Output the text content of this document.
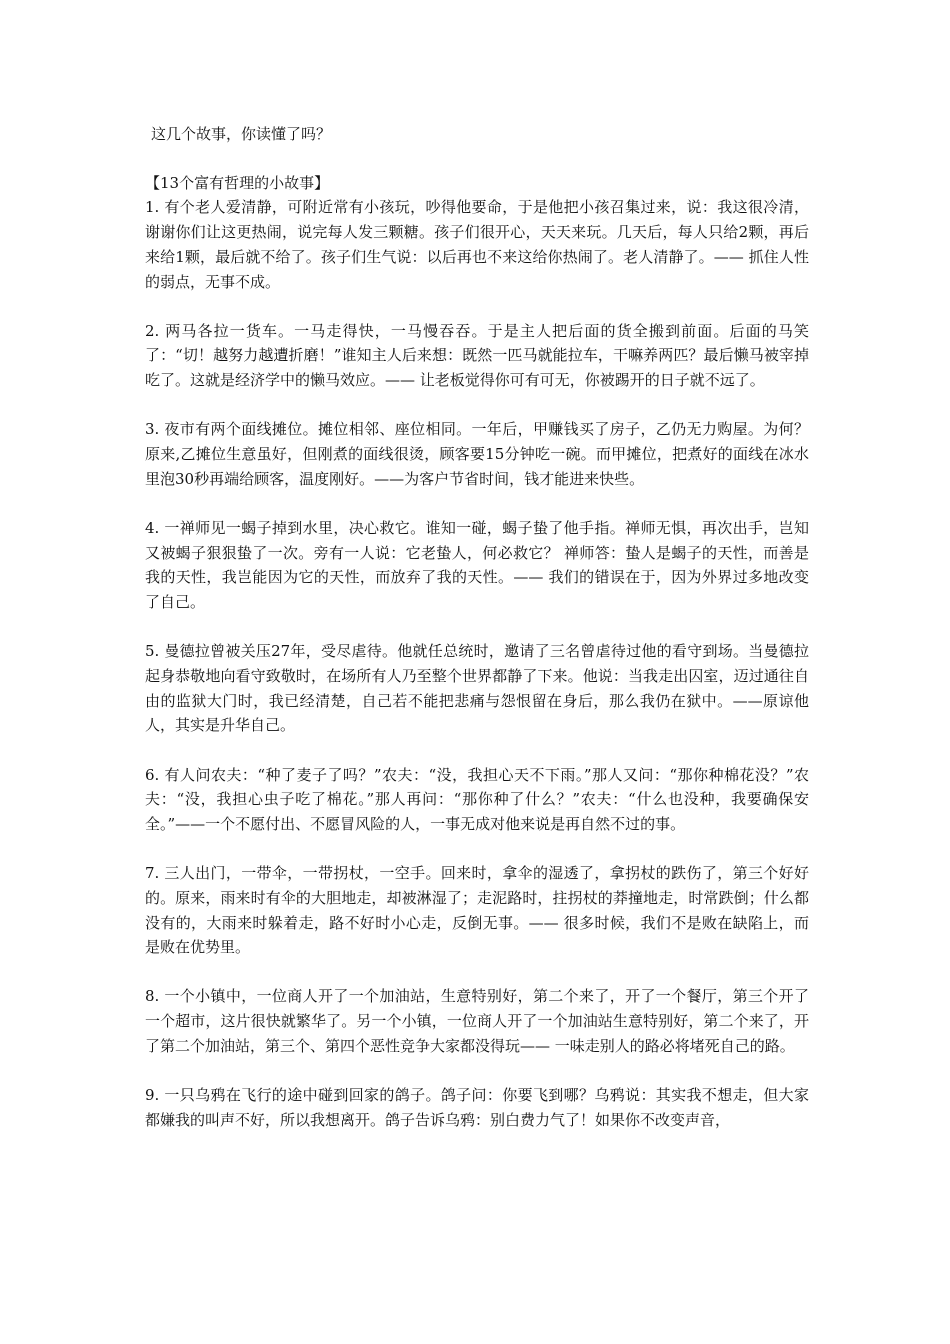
这几个故事，你读懂了吗？

【13个富有哲理的小故事】

1. 有个老人爱清静，可附近常有小孩玩，吵得他要命，于是他把小孩召集过来，说：我这很冷清，谢谢你们让这更热闹，说完每人发三颗糖。孩子们很开心，天天来玩。几天后，每人只给2颗，再后来给1颗，最后就不给了。孩子们生气说：以后再也不来这给你热闹了。老人清静了。—— 抓住人性的弱点，无事不成。

2. 两马各拉一货车。一马走得快，一马慢吞吞。于是主人把后面的货全搬到前面。后面的马笑了：“切！越努力越遭折磨！”谁知主人后来想：既然一匹马就能拉车，干嘛养两匹？最后懒马被宰掉吃了。这就是经济学中的懒马效应。—— 让老板觉得你可有可无，你被踢开的日子就不远了。

3. 夜市有两个面线摊位。摊位相邻、座位相同。一年后，甲赚钱买了房子，乙仍无力购屋。为何？原来,乙摊位生意虽好，但刚煮的面线很烫，顾客要15分钟吃一碗。而甲摊位，把煮好的面线在冰水里泡30秒再端给顾客，温度刚好。——为客户节省时间，钱才能进来快些。

4. 一禅师见一蝎子掉到水里，决心救它。谁知一碰，蝎子蛰了他手指。禅师无惧，再次出手，岂知又被蝎子狠狠蛰了一次。旁有一人说：它老蛰人，何必救它？ 禅师答：蛰人是蝎子的天性，而善是我的天性，我岂能因为它的天性，而放弃了我的天性。—— 我们的错误在于，因为外界过多地改变了自己。

5. 曼德拉曾被关压27年，受尽虐待。他就任总统时，邀请了三名曾虐待过他的看守到场。当曼德拉起身恭敬地向看守致敬时，在场所有人乃至整个世界都静了下来。他说：当我走出囚室，迈过通往自由的监狱大门时，我已经清楚，自己若不能把悲痛与怨恨留在身后，那么我仍在狱中。——原谅他人，其实是升华自己。

6. 有人问农夫：“种了麦子了吗？”农夫：“没，我担心天不下雨。”那人又问：“那你种棉花没？”农夫：“没，我担心虫子吃了棉花。”那人再问：“那你种了什么？”农夫：“什么也没种，我要确保安全。”——一个不愿付出、不愿冒风险的人，一事无成对他来说是再自然不过的事。

7. 三人出门，一带伞，一带拐杖，一空手。回来时，拿伞的湿透了，拿拐杖的跌伤了，第三个好好的。原来，雨来时有伞的大胆地走，却被淋湿了；走泥路时，拄拐杖的莽撞地走，时常跌倒；什么都没有的，大雨来时躲着走，路不好时小心走，反倒无事。—— 很多时候，我们不是败在缺陷上，而是败在优势里。

8. 一个小镇中，一位商人开了一个加油站，生意特别好，第二个来了，开了一个餐厅，第三个开了一个超市，这片很快就繁华了。另一个小镇，一位商人开了一个加油站生意特别好，第二个来了，开了第二个加油站，第三个、第四个恶性竞争大家都没得玩—— 一味走别人的路必将堵死自己的路。

9. 一只乌鸦在飞行的途中碰到回家的鸽子。鸽子问：你要飞到哪？乌鸦说：其实我不想走，但大家都嫌我的叫声不好，所以我想离开。鸽子告诉乌鸦：别白费力气了！如果你不改变声音，
